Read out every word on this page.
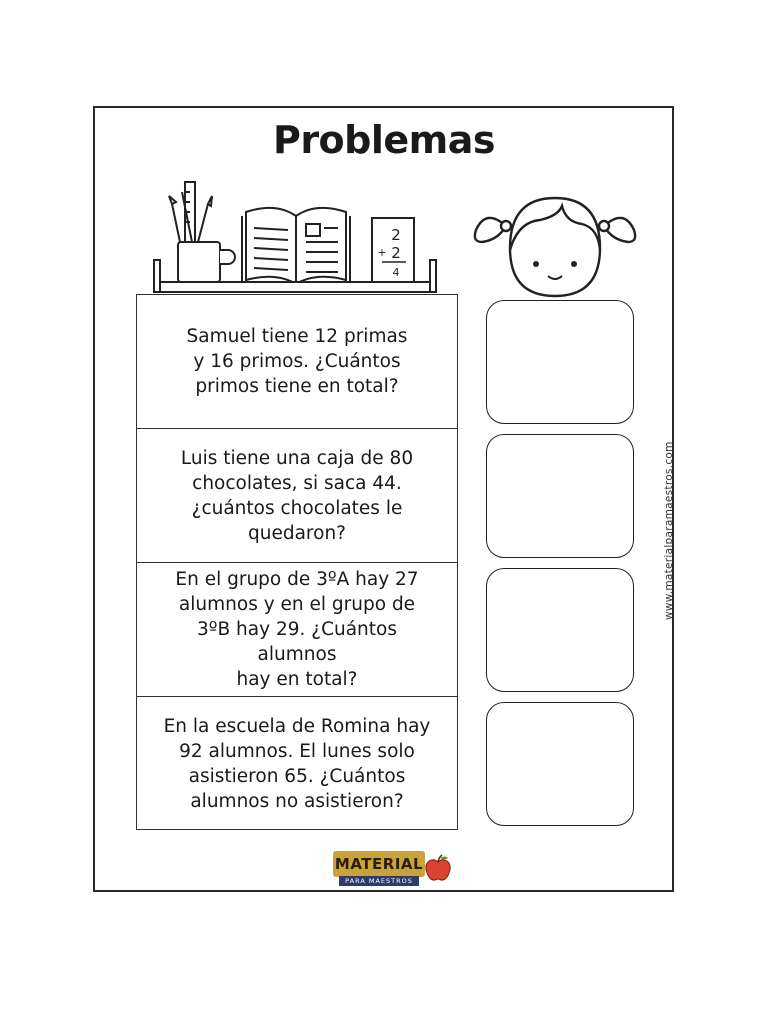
Problemas
2
+ 2
4
Samuel tiene 12 primas
y 16 primos. ¿Cuántos
primos tiene en total?
Luis tiene una caja de 80
chocolates, si saca 44.
¿cuántos chocolates le
quedaron?
En el grupo de 3ºA hay 27
alumnos y en el grupo de
3ºB hay 29. ¿Cuántos alumnos
hay en total?
En la escuela de Romina hay
92 alumnos. El lunes solo
asistieron 65. ¿Cuántos
alumnos no asistieron?
www.materialparamaestros.com
MATERIAL
PARA MAESTROS
